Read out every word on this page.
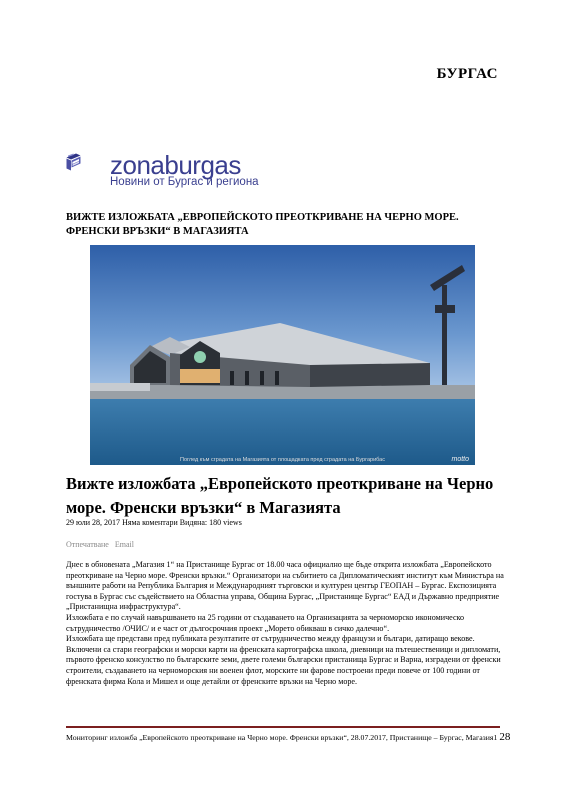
БУРГАС
zonaburgas
Новини от Бургас и региона
ВИЖТЕ ИЗЛОЖБАТА „ЕВРОПЕЙСКОТО ПРЕОТКРИВАНЕ НА ЧЕРНО МОРЕ. ФРЕНСКИ ВРЪЗКИ“ В МАГАЗИЯТА
Поглед към сградата на Магазията от площадката пред сградата на Бургарибас	motto
Вижте изложбата „Европейското преоткриване на Черно море. Френски връзки“ в Магазията
29 юли 28, 2017 Няма коментари Видяна: 180 views
Отпечатване Email

Днес в обновената „Магазия 1“ на Пристанище Бургас от 18.00 часа официално ще бъде открита изложбата „Европейското преоткриване на Черно море. Френски връзки.“ Организатори на събитието са Дипломатическият институт към Министъра на външните работи на Република България и Международният търговски и културен център ГЕОПАН – Бургас. Експозицията гостува в Бургас със съдействието на Областна управа, Община Бургас, „Пристанище Бургас“ ЕАД и Държавно предприятие „Пристанищна инфраструктура“.

Изложбата е по случай навършването на 25 години от създаването на Организацията за черноморско икономическо сътрудничество /ОЧИС/ и е част от дългосрочния проект „Морето обикваш в сичко далечно“.

Изложбата ще представи пред публиката резултатите от сътрудничество между французи и българи, датиращо векове. Включени са стари географски и морски карти на френската картографска школа, дневници на пътешественици и дипломати, първото френско консулство по българските земи, двете големи български пристанища Бургас и Варна, изградени от френски строители, създаването на черноморския ни военен флот, морските ни фарове построени преди повече от 100 години от френската фирма Кола и Мишел и още детайли от френските връзки на Черно море.

Мониторинг изложба „Европейското преоткриване на Черно море. Френски връзки“, 28.07.2017, Пристанище – Бургас, Магазия1 28
